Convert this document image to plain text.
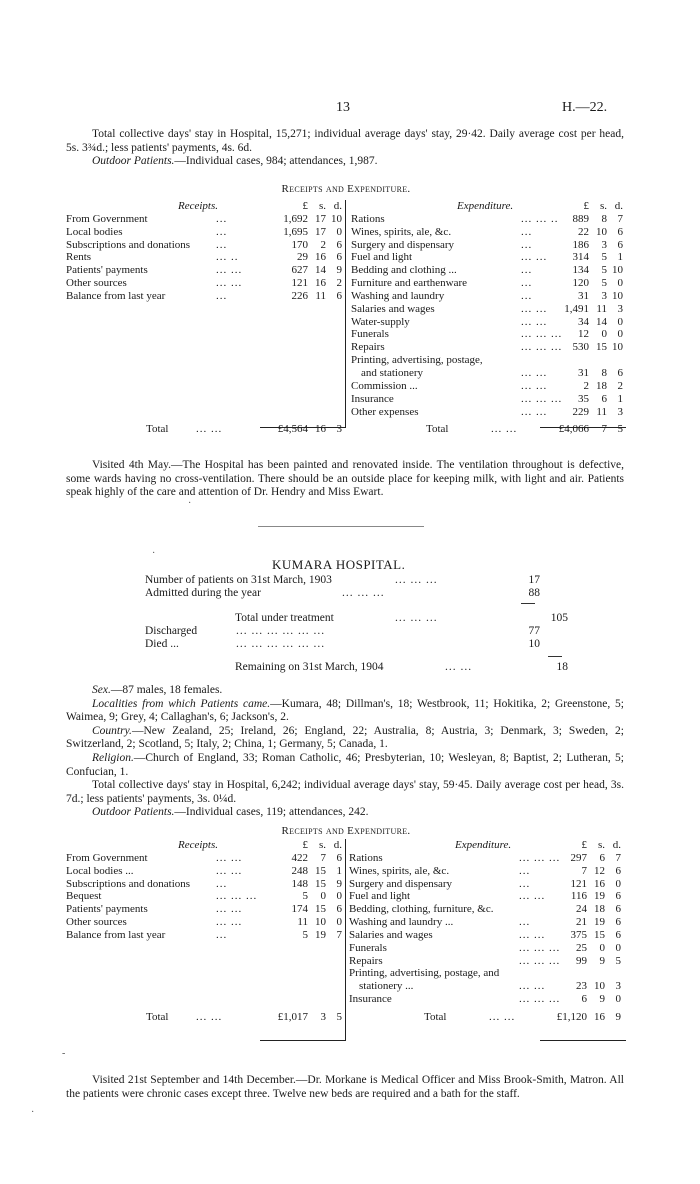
13	H.—22.

Total collective days' stay in Hospital, 15,271; individual average days' stay, 29·42. Daily average cost per head, 5s. 3¾d.; less patients' payments, 4s. 6d.

Outdoor Patients.—Individual cases, 984; attendances, 1,987.

Receipts and Expenditure.
Receipts.	£ s. d.
From Government	...	1,692 17 10
Local bodies	...	1,695 17 0
Subscriptions and donations ...	170	2 6
Rents	... ..	29 16 6
Patients' payments	... ...	627 14 9
Other sources	... ...	121 16 2
Balance from last year	...	226 11 6
Total	... ...	£4,564 16 3
Expenditure.	£ s. d.
Rations	... ... ..	889	8 7
Wines, spirits, ale, &c.	...	22 10 6
Surgery and dispensary	...	186	3 6
Fuel and light	... ...	314	5 1
Bedding and clothing ...	...	134	5 10
Furniture and earthenware	...	120	5 0
Washing and laundry	...	31	3 10
Salaries and wages	... ...	1,491 11 3
Water-supply	... ...	34 14 0
Funerals	... ... ...	12	0 0
Repairs	... ... ... 530 15 10
Printing, advertising, postage,
and stationery	... ...	31	8 6
Commission ...	... ...	2 18 2
Insurance	... ... ...	35	6 1
Other expenses	... ...	229 11 3
Total	... ...	£4,066	7 5

Visited 4th May.—The Hospital has been painted and renovated inside. The ventilation throughout is defective, some wards having no cross-ventilation. There should be an outside place for keeping milk, with light and air. Patients speak highly of the care and attention of Dr. Hendry and Miss Ewart.

·
·
KUMARA HOSPITAL.
Number of patients on 31st March, 1903	... ... ...	17
Admitted during the year	... ... ...	88
Total under treatment	... ... ...	105
Discharged	... ... ... ... ... ...	77
Died ...	... ... ... ... ... ...	10
Remaining on 31st March, 1904	... ...	18

Sex.—87 males, 18 females.

Localities from which Patients came.—Kumara, 48; Dillman's, 18; Westbrook, 11; Hokitika, 2; Greenstone, 5; Waimea, 9; Grey, 4; Callaghan's, 6; Jackson's, 2.

Country.—New Zealand, 25; Ireland, 26; England, 22; Australia, 8; Austria, 3; Denmark, 3; Sweden, 2; Switzerland, 2; Scotland, 5; Italy, 2; China, 1; Germany, 5; Canada, 1.

Religion.—Church of England, 33; Roman Catholic, 46; Presbyterian, 10; Wesleyan, 8; Baptist, 2; Lutheran, 5; Confucian, 1.

Total collective days' stay in Hospital, 6,242; individual average days' stay, 59·45. Daily average cost per head, 3s. 7d.; less patients' payments, 3s. 0¼d.

Outdoor Patients.—Individual cases, 119; attendances, 242.

Receipts and Expenditure.
Receipts.	£ s. d.
From Government	... ...	422	7 6
Local bodies ...	... ...	248 15 1
Subscriptions and donations ...	148 15 9
Bequest	... ... ...	5	0 0
Patients' payments	... ...	174 15 6
Other sources	... ...	11 10 0
Balance from last year	...	5 19 7
Total	... ...	£1,017	3 5
Expenditure.	£ s. d.
Rations	... ... ... 297	6 7
Wines, spirits, ale, &c.	...	7 12 6
Surgery and dispensary	...	121 16 0
Fuel and light	... ...	116 19 6
Bedding, clothing, furniture, &c.	24 18 6
Washing and laundry ...	...	21 19 6
Salaries and wages	... ...	375 15 6
Funerals	... ... ...	25	0 0
Repairs	... ... ...	99	9 5
Printing, advertising, postage, and
stationery ...	... ...	23 10 3
Insurance	... ... ...	6	9 0
Total	... ...	£1,120 16 9
-
·

Visited 21st September and 14th December.—Dr. Morkane is Medical Officer and Miss Brook-Smith, Matron. All the patients were chronic cases except three. Twelve new beds are required and a bath for the staff.
